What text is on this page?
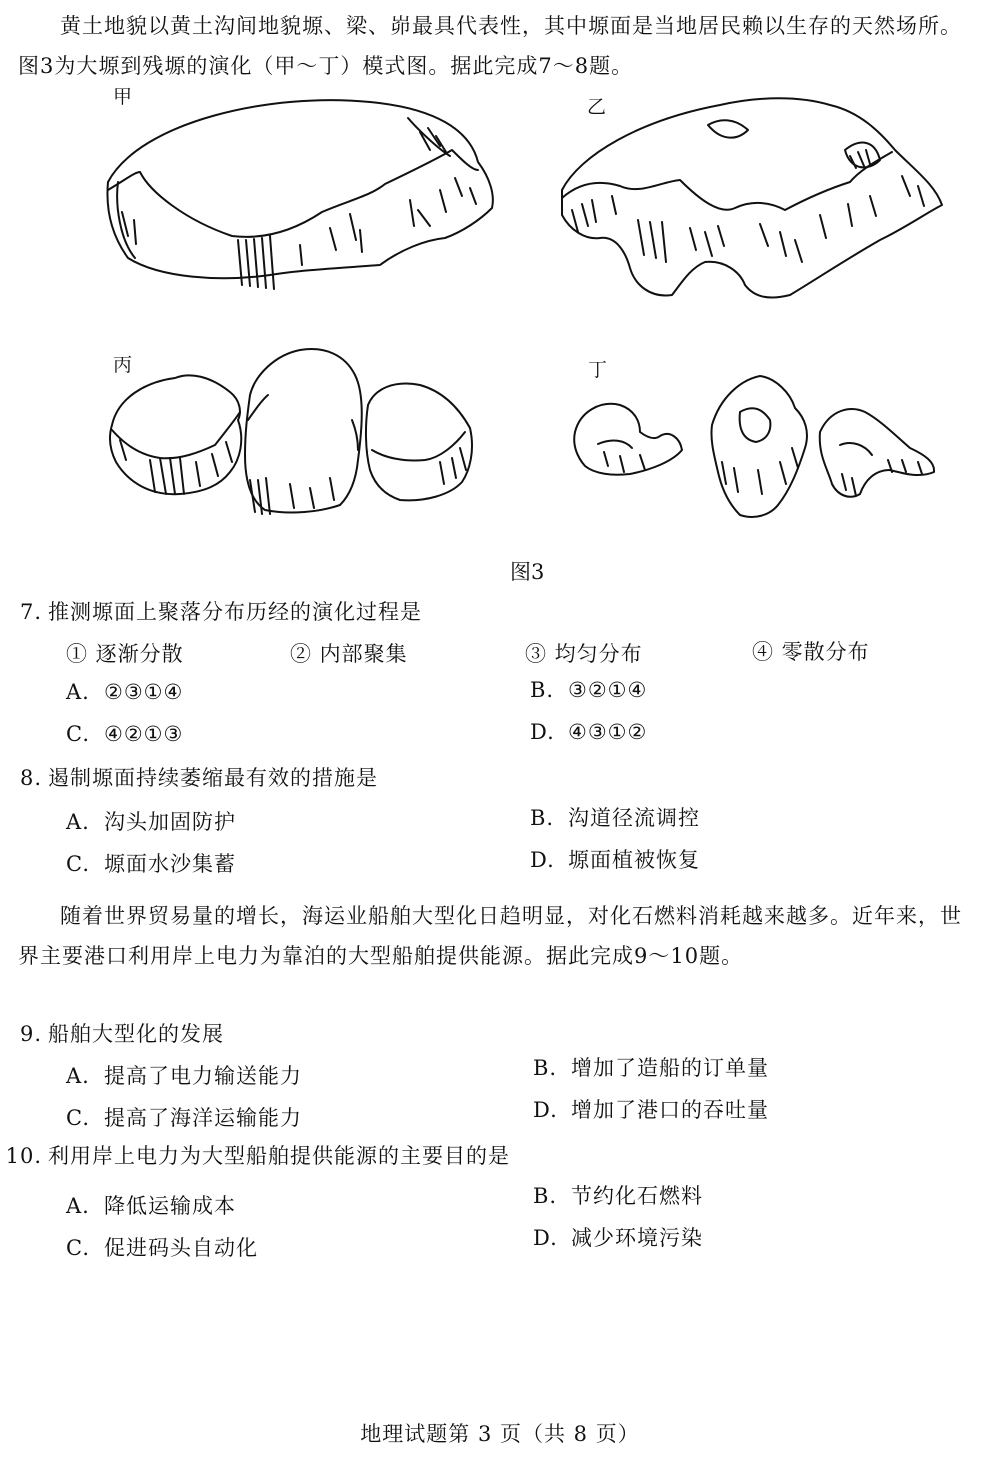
黄土地貌以黄土沟间地貌塬、梁、峁最具代表性，其中塬面是当地居民赖以生存的天然场所。图3为大塬到残塬的演化（甲～丁）模式图。据此完成7～8题。

甲	乙
丙	丁
图3
7. 推测塬面上聚落分布历经的演化过程是
① 逐渐分散	② 内部聚集	③ 均匀分布	④ 零散分布
A. ②③①④	B. ③②①④
C. ④②①③	D. ④③①②
8. 遏制塬面持续萎缩最有效的措施是
A. 沟头加固防护	B. 沟道径流调控
C. 塬面水沙集蓄	D. 塬面植被恢复

随着世界贸易量的增长，海运业船舶大型化日趋明显，对化石燃料消耗越来越多。近年来，世界主要港口利用岸上电力为靠泊的大型船舶提供能源。据此完成9～10题。

9. 船舶大型化的发展
A. 提高了电力输送能力	B. 增加了造船的订单量
C. 提高了海洋运输能力	D. 增加了港口的吞吐量
10. 利用岸上电力为大型船舶提供能源的主要目的是
A. 降低运输成本	B. 节约化石燃料
C. 促进码头自动化	D. 减少环境污染
地理试题第 3 页（共 8 页）
